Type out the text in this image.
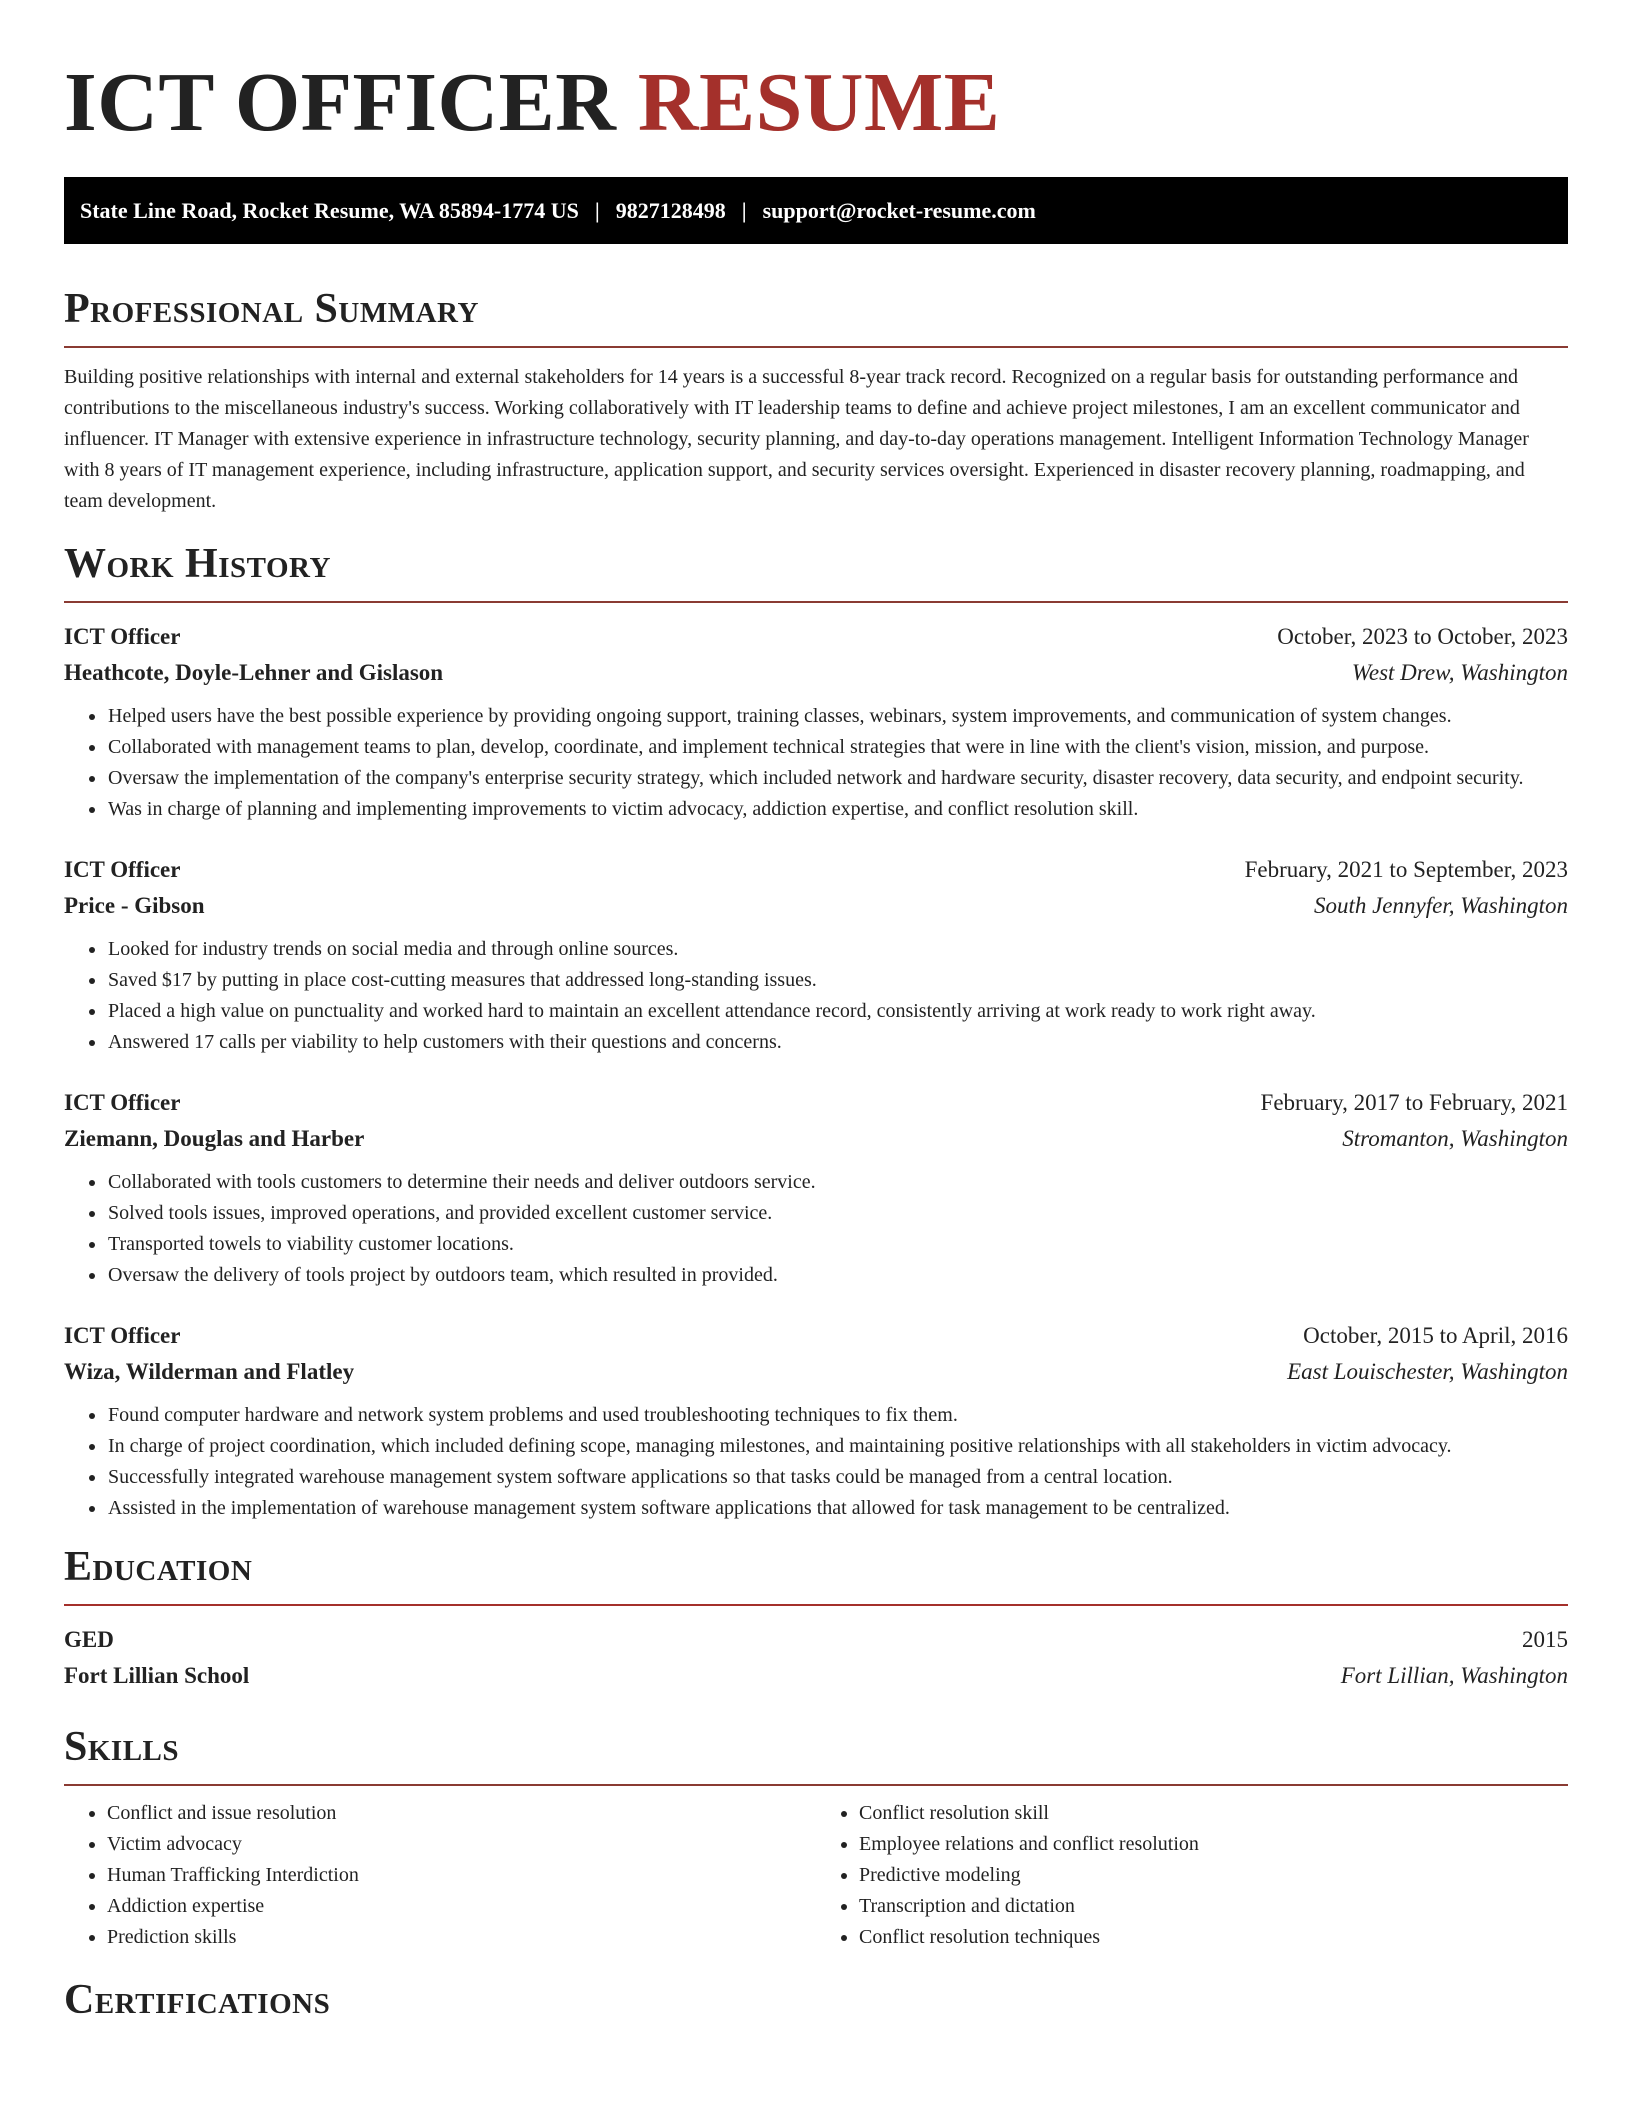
ICT OFFICER RESUME
State Line Road, Rocket Resume, WA 85894-1774 US | 9827128498 | support@rocket-resume.com
Professional Summary

Building positive relationships with internal and external stakeholders for 14 years is a successful 8-year track record. Recognized on a regular basis for outstanding performance and contributions to the miscellaneous industry's success. Working collaboratively with IT leadership teams to define and achieve project milestones, I am an excellent communicator and influencer. IT Manager with extensive experience in infrastructure technology, security planning, and day-to-day operations management. Intelligent Information Technology Manager with 8 years of IT management experience, including infrastructure, application support, and security services oversight. Experienced in disaster recovery planning, roadmapping, and team development.

Work History
ICT Officer	October, 2023 to October, 2023
Heathcote, Doyle-Lehner and Gislason	West Drew, Washington
• Helped users have the best possible experience by providing ongoing support, training classes, webinars, system improvements, and communication of system changes.
• Collaborated with management teams to plan, develop, coordinate, and implement technical strategies that were in line with the client's vision, mission, and purpose.
• Oversaw the implementation of the company's enterprise security strategy, which included network and hardware security, disaster recovery, data security, and endpoint security.
• Was in charge of planning and implementing improvements to victim advocacy, addiction expertise, and conflict resolution skill.
ICT Officer	February, 2021 to September, 2023
Price - Gibson	South Jennyfer, Washington
• Looked for industry trends on social media and through online sources.
• Saved $17 by putting in place cost-cutting measures that addressed long-standing issues.
• Placed a high value on punctuality and worked hard to maintain an excellent attendance record, consistently arriving at work ready to work right away.
• Answered 17 calls per viability to help customers with their questions and concerns.
ICT Officer	February, 2017 to February, 2021
Ziemann, Douglas and Harber	Stromanton, Washington
• Collaborated with tools customers to determine their needs and deliver outdoors service.
• Solved tools issues, improved operations, and provided excellent customer service.
• Transported towels to viability customer locations.
• Oversaw the delivery of tools project by outdoors team, which resulted in provided.
ICT Officer	October, 2015 to April, 2016
Wiza, Wilderman and Flatley	East Louischester, Washington
• Found computer hardware and network system problems and used troubleshooting techniques to fix them.
• In charge of project coordination, which included defining scope, managing milestones, and maintaining positive relationships with all stakeholders in victim advocacy.
• Successfully integrated warehouse management system software applications so that tasks could be managed from a central location.
• Assisted in the implementation of warehouse management system software applications that allowed for task management to be centralized.
Education
GED	2015
Fort Lillian School	Fort Lillian, Washington
Skills
• Conflict and issue resolution
• Victim advocacy
• Human Trafficking Interdiction
• Addiction expertise
• Prediction skills
• Conflict resolution skill
• Employee relations and conflict resolution
• Predictive modeling
• Transcription and dictation
• Conflict resolution techniques
Certifications
